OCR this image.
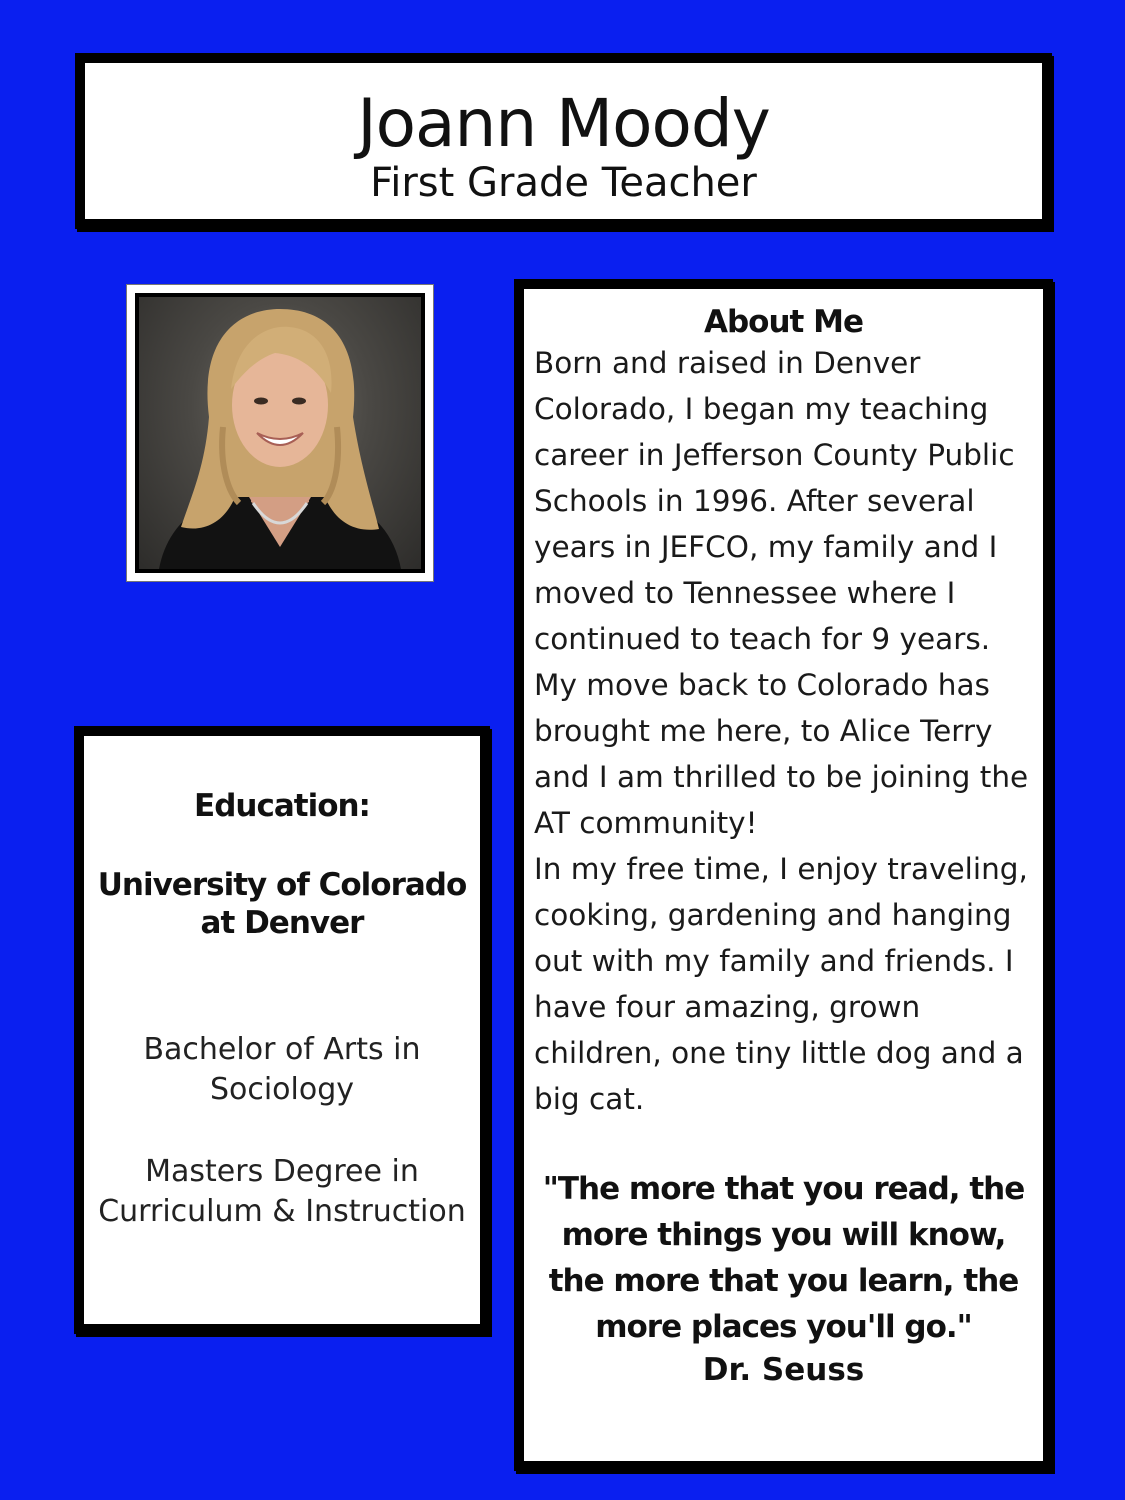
Joann Moody
First Grade Teacher
Education:
University of Colorado at Denver
Bachelor of Arts in Sociology
Masters Degree in Curriculum & Instruction
About Me

Born and raised in Denver Colorado, I began my teaching career in Jefferson County Public Schools in 1996. After several years in JEFCO, my family and I moved to Tennessee where I continued to teach for 9 years. My move back to Colorado has brought me here, to Alice Terry and I am thrilled to be joining the AT community!

In my free time, I enjoy traveling, cooking, gardening and hanging out with my family and friends. I have four amazing, grown children, one tiny little dog and a big cat.

"The more that you read, the more things you will know, the more that you learn, the more places you'll go."
Dr. Seuss
